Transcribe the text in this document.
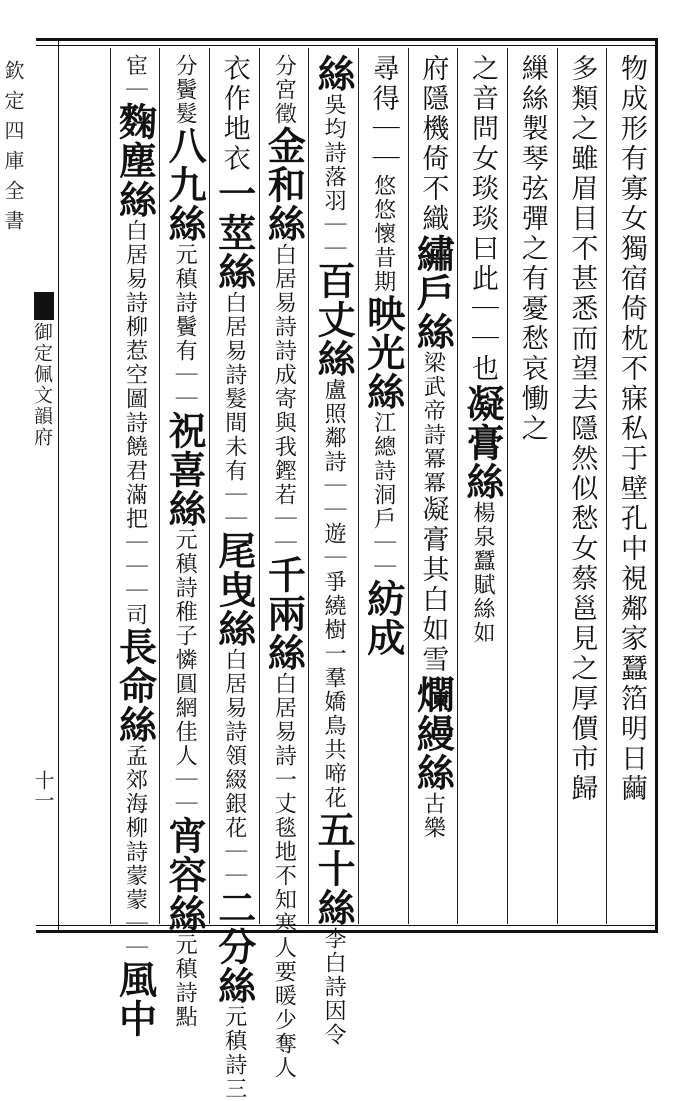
欽定四庫全書
御定佩文韻府
十一	物成形有寡女獨宿倚枕不寐私于壁孔中視鄰家蠶箔明日繭
多類之雖眉目不甚悉而望去隱然似愁女蔡邕見之厚價市歸
繅絲製琴弦彈之有憂愁哀慟之
之音問女琰琰曰此｜｜也凝膏絲楊泉蠶賦絲如
府隱機倚不織繡戶絲梁武帝詩冪冪凝膏其白如雪爛縵絲古樂
尋得｜｜悠悠懷昔期映光絲江總詩洞戶｜｜紡成
絲吳均詩落羽｜｜百丈絲盧照鄰詩｜｜遊｜爭繞樹一羣嬌鳥共啼花五十絲李白詩因令
分宮徵金和絲白居易詩詩成寄與我鏗若｜｜千兩絲白居易詩一丈毯地不知寒人要暖少奪人
衣作地衣一莖絲白居易詩髮間未有｜｜尾曳絲白居易詩領綴銀花｜｜二分絲元稹詩三
分鬢髮八九絲元稹詩鬢有｜｜祝喜絲元稹詩稚子憐圓網佳人｜｜宵容絲元稹詩點
宦｜麴塵絲白居易詩柳惹空圖詩饒君滿把｜｜｜司長命絲孟郊海柳詩蒙蒙｜｜風中
